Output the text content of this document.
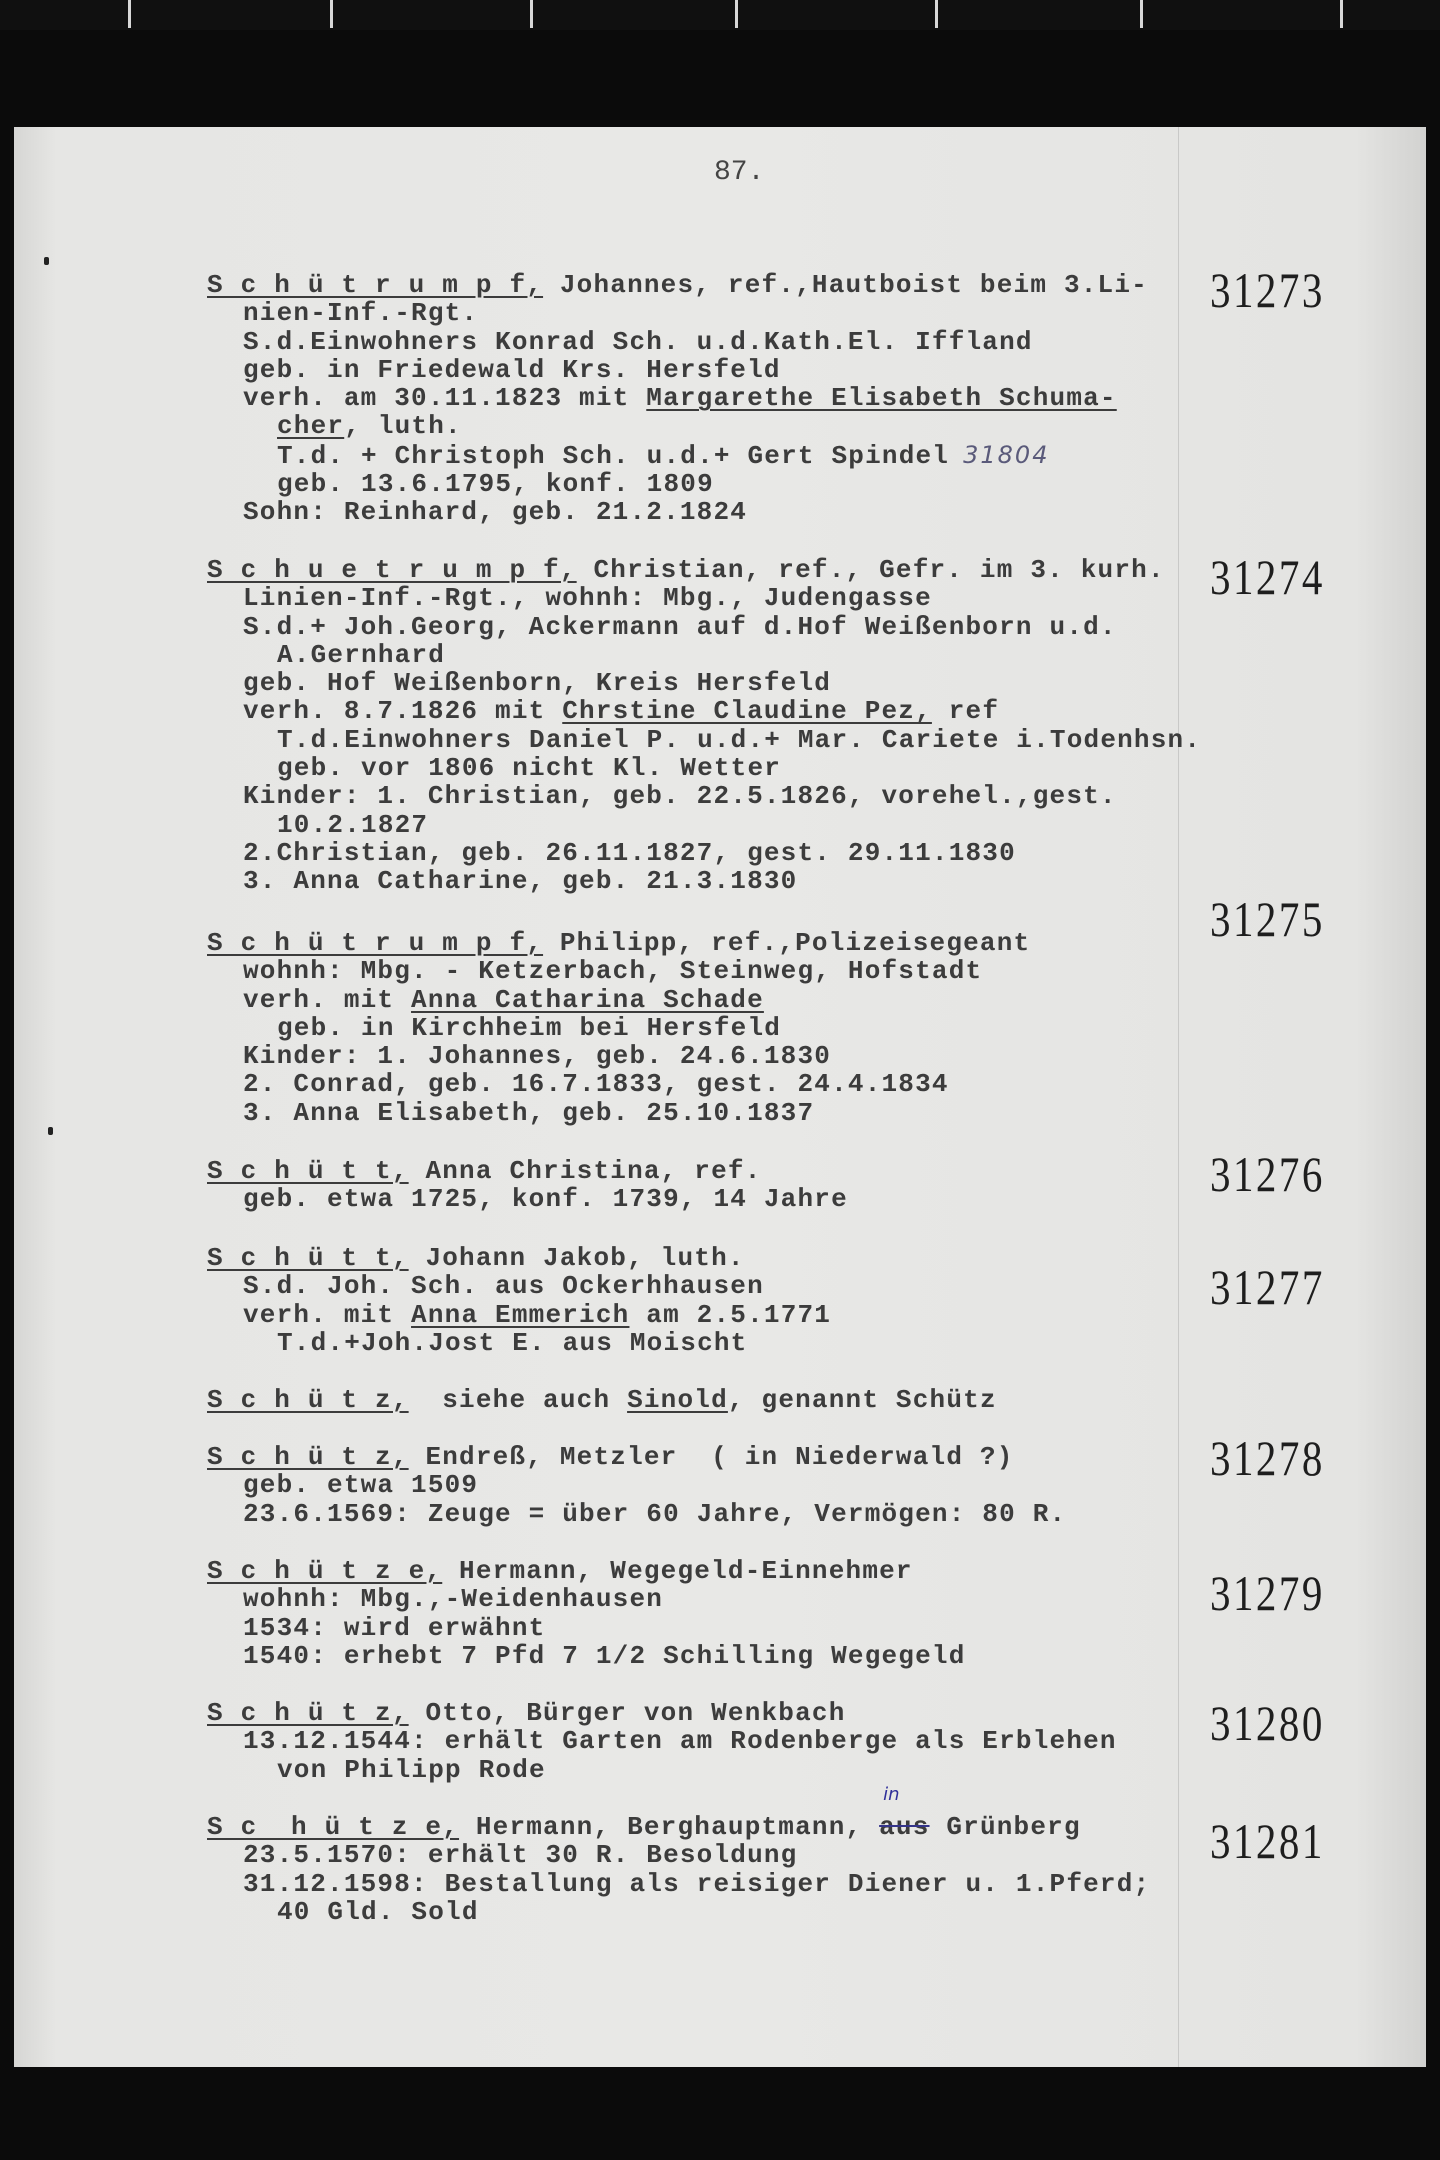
87.
S c h ü t r u m p f, Johannes, ref.,Hautboist beim 3.Li-
nien-Inf.-Rgt.
S.d.Einwohners Konrad Sch. u.d.Kath.El. Iffland
geb. in Friedewald Krs. Hersfeld
verh. am 30.11.1823 mit Margarethe Elisabeth Schuma-
cher, luth.
T.d. + Christoph Sch. u.d.+ Gert Spindel 31804
geb. 13.6.1795, konf. 1809
Sohn: Reinhard, geb. 21.2.1824
31273
S c h u e t r u m p f, Christian, ref., Gefr. im 3. kurh.
Linien-Inf.-Rgt., wohnh: Mbg., Judengasse
S.d.+ Joh.Georg, Ackermann auf d.Hof Weißenborn u.d.
A.Gernhard
geb. Hof Weißenborn, Kreis Hersfeld
verh. 8.7.1826 mit Chrstine Claudine Pez, ref
T.d.Einwohners Daniel P. u.d.+ Mar. Cariete i.Todenhsn.
geb. vor 1806 nicht Kl. Wetter
Kinder: 1. Christian, geb. 22.5.1826, vorehel.,gest.
10.2.1827
2.Christian, geb. 26.11.1827, gest. 29.11.1830
3. Anna Catharine, geb. 21.3.1830
31274
S c h ü t r u m p f, Philipp, ref.,Polizeisegeant
wohnh: Mbg. - Ketzerbach, Steinweg, Hofstadt
verh. mit Anna Catharina Schade
geb. in Kirchheim bei Hersfeld
Kinder: 1. Johannes, geb. 24.6.1830
2. Conrad, geb. 16.7.1833, gest. 24.4.1834
3. Anna Elisabeth, geb. 25.10.1837
31275
S c h ü t t, Anna Christina, ref.
geb. etwa 1725, konf. 1739, 14 Jahre	31276
S c h ü t t, Johann Jakob, luth.
S.d. Joh. Sch. aus Ockerhhausen
verh. mit Anna Emmerich am 2.5.1771
T.d.+Joh.Jost E. aus Moischt
31277
S c h ü t z,  siehe auch Sinold, genannt Schütz
S c h ü t z, Endreß, Metzler  ( in Niederwald ?)
geb. etwa 1509
23.6.1569: Zeuge = über 60 Jahre, Vermögen: 80 R.
31278
S c h ü t z e, Hermann, Wegegeld-Einnehmer
wohnh: Mbg.,-Weidenhausen
1534: wird erwähnt
1540: erhebt 7 Pfd 7 1/2 Schilling Wegegeld
31279
S c h ü t z, Otto, Bürger von Wenkbach
13.12.1544: erhält Garten am Rodenberge als Erblehen
von Philipp Rode
31280
S c  h ü t z e, Hermann, Berghauptmann, aus
in
Grünberg
23.5.1570: erhält 30 R. Besoldung
31.12.1598: Bestallung als reisiger Diener u. 1.Pferd;
40 Gld. Sold
31281
